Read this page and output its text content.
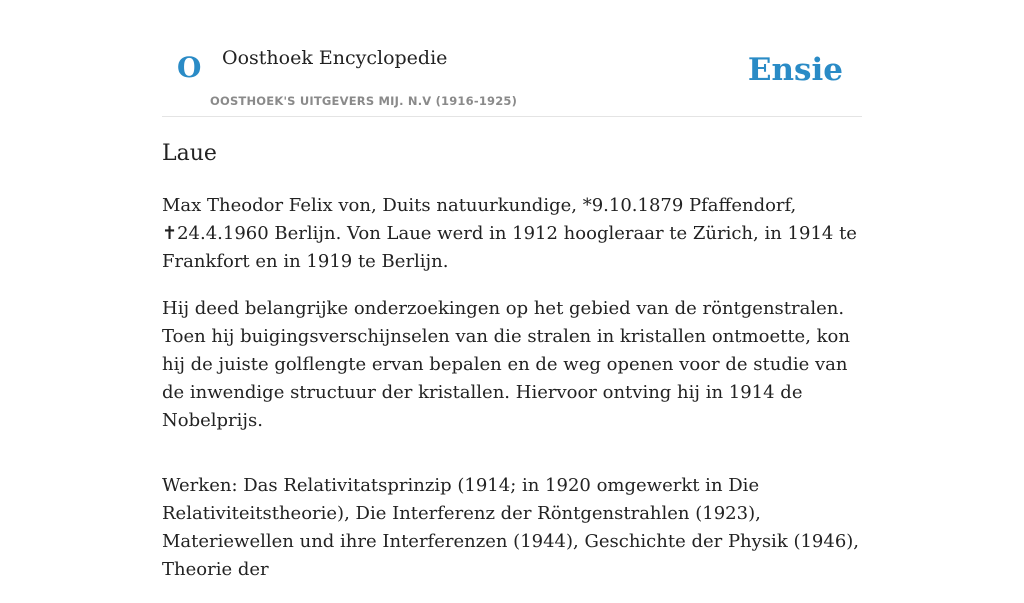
O Oosthoek Encyclopedie
OOSTHOEK'S UITGEVERS MIJ. N.V (1916-1925)
Ensie
Laue

Max Theodor Felix von, Duits natuurkundige, *9.10.1879 Pfaffendorf, ✝24.4.1960 Berlijn. Von Laue werd in 1912 hoogleraar te Zürich, in 1914 te Frankfort en in 1919 te Berlijn.

Hij deed belangrijke onderzoekingen op het gebied van de röntgenstralen. Toen hij buigingsverschijnselen van die stralen in kristallen ontmoette, kon hij de juiste golflengte ervan bepalen en de weg openen voor de studie van de inwendige structuur der kristallen. Hiervoor ontving hij in 1914 de Nobelprijs.

Werken: Das Relativitatsprinzip (1914; in 1920 omgewerkt in Die Relativiteitstheorie), Die Interferenz der Röntgenstrahlen (1923), Materiewellen und ihre Interferenzen (1944), Geschichte der Physik (1946), Theorie der
